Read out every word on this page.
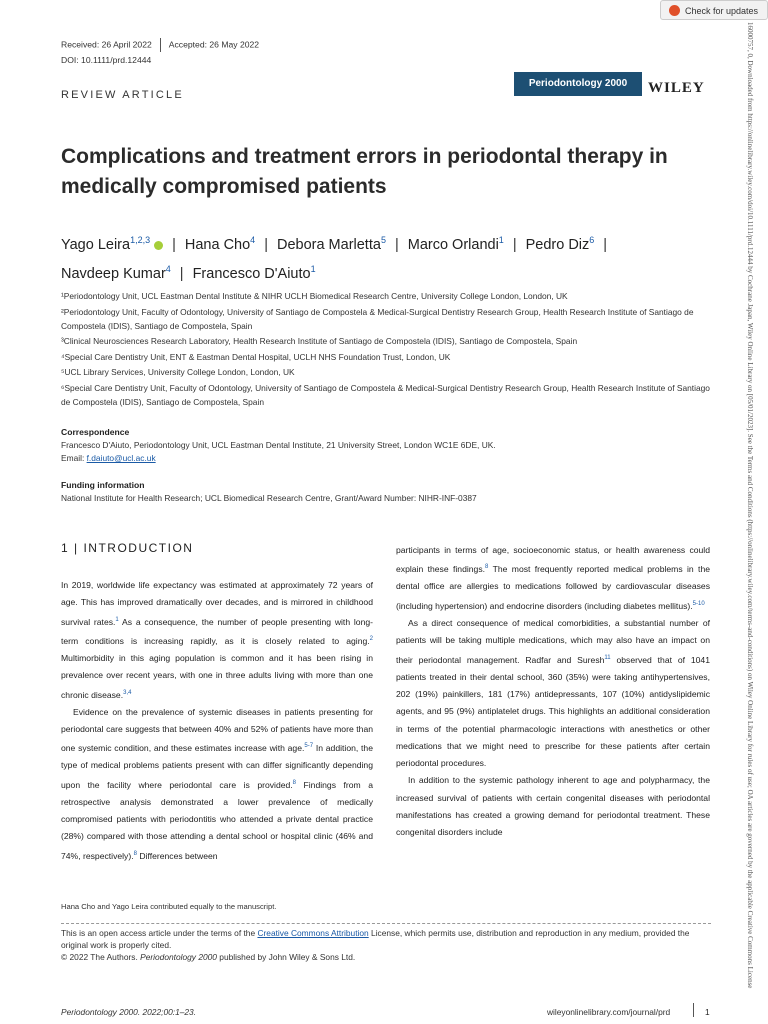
Check for updates
Received: 26 April 2022 Accepted: 26 May 2022
DOI: 10.1111/prd.12444
REVIEW ARTICLE
Periodontology 2000	WILEY
Complications and treatment errors in periodontal therapy in
medically compromised patients
Yago Leira$^{1,2,3}$ | Hana Cho$^4$ | Debora Marletta$^5$ | Marco Orlandi$^1$ | Pedro Diz$^6$ |
Navdeep Kumar$^4$ | Francesco D'Aiuto$^1$
¹Periodontology Unit, UCL Eastman Dental Institute & NIHR UCLH Biomedical Research Centre, University College London, London, UK
²Periodontology Unit, Faculty of Odontology, University of Santiago de Compostela & Medical-Surgical Dentistry Research Group, Health Research Institute of Santiago de Compostela (IDIS), Santiago de Compostela, Spain
³Clinical Neurosciences Research Laboratory, Health Research Institute of Santiago de Compostela (IDIS), Santiago de Compostela, Spain
⁴Special Care Dentistry Unit, ENT & Eastman Dental Hospital, UCLH NHS Foundation Trust, London, UK
⁵UCL Library Services, University College London, London, UK
⁶Special Care Dentistry Unit, Faculty of Odontology, University of Santiago de Compostela & Medical-Surgical Dentistry Research Group, Health Research Institute of Santiago de Compostela (IDIS), Santiago de Compostela, Spain
Correspondence
Francesco D'Aiuto, Periodontology Unit, UCL Eastman Dental Institute, 21 University Street, London WC1E 6DE, UK.
Email: f.daiuto@ucl.ac.uk
Funding information
National Institute for Health Research; UCL Biomedical Research Centre, Grant/Award Number: NIHR-INF-0387
1 | INTRODUCTION

In 2019, worldwide life expectancy was estimated at approximately 72 years of age. This has improved dramatically over decades, and is mirrored in childhood survival rates.$^1$ As a consequence, the number of people presenting with long-term conditions is increasing rapidly, as it is closely related to aging.$^2$ Multimorbidity in this aging population is common and it has been rising in prevalence over recent years, with one in three adults living with more than one chronic disease.$^{3,4}$

Evidence on the prevalence of systemic diseases in patients presenting for periodontal care suggests that between 40% and 52% of patients have more than one systemic condition, and these estimates increase with age.$^{5-7}$ In addition, the type of medical problems patients present with can differ significantly depending upon the facility where periodontal care is provided.$^8$ Findings from a retrospective analysis demonstrated a lower prevalence of medically compromised patients with periodontitis who attended a private dental practice (28%) compared with those attending a dental school or hospital clinic (46% and 74%, respectively).$^8$ Differences between

participants in terms of age, socioeconomic status, or health awareness could explain these findings.$^8$ The most frequently reported medical problems in the dental office are allergies to medications followed by cardiovascular diseases (including hypertension) and endocrine disorders (including diabetes mellitus).$^{5-10}$

As a direct consequence of medical comorbidities, a substantial number of patients will be taking multiple medications, which may also have an impact on their periodontal management. Radfar and Suresh$^{11}$ observed that of 1041 patients treated in their dental school, 360 (35%) were taking antihypertensives, 202 (19%) painkillers, 181 (17%) antidepressants, 107 (10%) antidyslipidemic agents, and 95 (9%) antiplatelet drugs. This highlights an additional consideration in terms of the potential pharmacologic interactions with anesthetics or other medications that we might need to prescribe for these patients after certain periodontal procedures.

In addition to the systemic pathology inherent to age and polypharmacy, the increased survival of patients with certain congenital diseases with periodontal manifestations has created a growing demand for periodontal treatment. These congenital disorders include

Hana Cho and Yago Leira contributed equally to the manuscript.
This is an open access article under the terms of the Creative Commons Attribution License, which permits use, distribution and reproduction in any medium, provided the original work is properly cited.
© 2022 The Authors. Periodontology 2000 published by John Wiley & Sons Ltd.
Periodontology 2000. 2022;00:1–23.	wileyonlinelibrary.com/journal/prd	1
16000757, 0, Downloaded from https://onlinelibrary.wiley.com/doi/10.1111/prd.12444 by Cochrane Japan, Wiley Online Library on [05/01/2023]. See the Terms and Conditions (https://onlinelibrary.wiley.com/terms-and-conditions) on Wiley Online Library for rules of use; OA articles are governed by the applicable Creative Commons License
